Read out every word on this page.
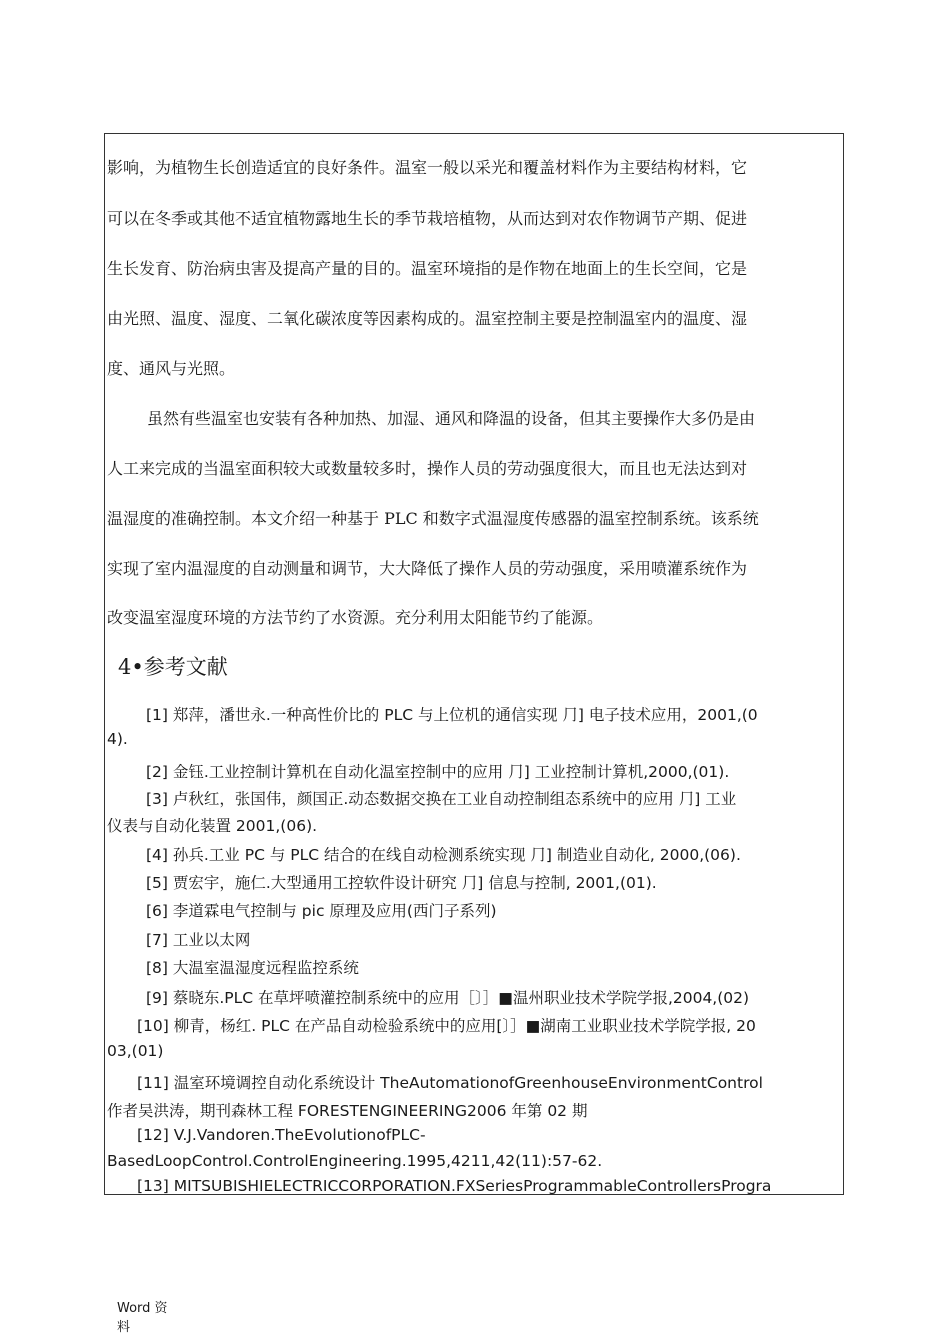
影响，为植物生长创造适宜的良好条件。温室一般以采光和覆盖材料作为主要结构材料，它
可以在冬季或其他不适宜植物露地生长的季节栽培植物，从而达到对农作物调节产期、促进
生长发育、防治病虫害及提高产量的目的。温室环境指的是作物在地面上的生长空间，它是
由光照、温度、湿度、二氧化碳浓度等因素构成的。温室控制主要是控制温室内的温度、湿
度、通风与光照。
虽然有些温室也安装有各种加热、加湿、通风和降温的设备，但其主要操作大多仍是由
人工来完成的当温室面积较大或数量较多时，操作人员的劳动强度很大，而且也无法达到对
温湿度的准确控制。本文介绍一种基于 PLC 和数字式温湿度传感器的温室控制系统。该系统
实现了室内温湿度的自动测量和调节，大大降低了操作人员的劳动强度，采用喷灌系统作为
改变温室湿度环境的方法节约了水资源。充分利用太阳能节约了能源。
4•参考文献
[1] 郑萍，潘世永.一种高性价比的 PLC 与上位机的通信实现 ⺆] 电子技术应用，2001,(0
4).
[2] 金钰.工业控制计算机在自动化温室控制中的应用 ⺆] 工业控制计算机,2000,(01).
[3] 卢秋红，张国伟，颜国正.动态数据交换在工业自动控制组态系统中的应用 ⺆] 工业
仪表与自动化装置 2001,(06).
[4] 孙兵.工业 PC 与 PLC 结合的在线自动检测系统实现 ⺆] 制造业自动化, 2000,(06).
[5] 贾宏宇，施仁.大型通用工控软件设计研究 ⺆] 信息与控制, 2001,(01).
[6] 李道霖电气控制与 pic 原理及应用(西门子系列)
[7] 工业以太网
[8] 大温室温湿度远程监控系统
[9] 蔡晓东.PLC 在草坪喷灌控制系统中的应用［〕］■温州职业技术学院学报,2004,(02)
[10] 柳青，杨红. PLC 在产品自动检验系统中的应用[〕］■湖南工业职业技术学院学报, 20
03,(01)
[11] 温室环境调控自动化系统设计 TheAutomationofGreenhouseEnvironmentControl
作者吴洪涛，期刊森林工程 FORESTENGINEERING2006 年第 02 期
[12] V.J.Vandoren.TheEvolutionofPLC-
BasedLoopControl.ControlEngineering.1995,4211,42(11):57-62.
[13] MITSUBISHIELECTRICCORPORATION.FXSeriesProgrammableControllersProgra
Word 资料
